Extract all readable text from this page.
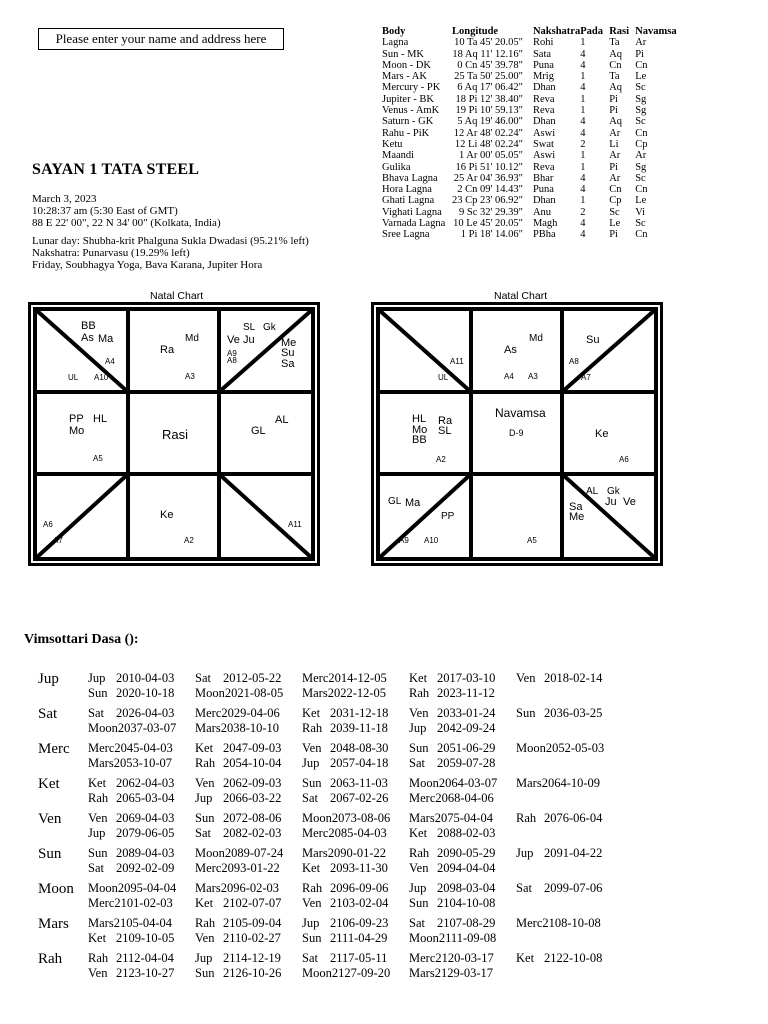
Please enter your name and address here
SAYAN 1 TATA STEEL
March 3, 2023
10:28:37 am (5:30 East of GMT)
88 E 22' 00", 22 N 34' 00" (Kolkata, India)
Lunar day: Shubha-krit Phalguna Sukla Dwadasi (95.21% left)
Nakshatra: Punarvasu (19.29% left)
Friday, Soubhagya Yoga, Bava Karana, Jupiter Hora
Body	Longitude	Nakshatra	Pada	Rasi	Navamsa
Lagna	10 Ta 45' 20.05"	Rohi	1	Ta	Ar
Sun - MK	18 Aq 11' 12.16"	Sata	4	Aq	Pi
Moon - DK	0 Cn 45' 39.78"	Puna	4	Cn	Cn
Mars - AK	25 Ta 50' 25.00"	Mrig	1	Ta	Le
Mercury - PK	6 Aq 17' 06.42"	Dhan	4	Aq	Sc
Jupiter - BK	18 Pi 12' 38.40"	Reva	1	Pi	Sg
Venus - AmK	19 Pi 10' 59.13"	Reva	1	Pi	Sg
Saturn - GK	5 Aq 19' 46.00"	Dhan	4	Aq	Sc
Rahu - PiK	12 Ar 48' 02.24"	Aswi	4	Ar	Cn
Ketu	12 Li 48' 02.24"	Swat	2	Li	Cp
Maandi	1 Ar 00' 05.05"	Aswi	1	Ar	Ar
Gulika	16 Pi 51' 10.12"	Reva	1	Pi	Sg
Bhava Lagna	25 Ar 04' 36.93"	Bhar	4	Ar	Sc
Hora Lagna	2 Cn 09' 14.43"	Puna	4	Cn	Cn
Ghati Lagna	23 Cp 23' 06.92"	Dhan	1	Cp	Le
Vighati Lagna	9 Sc 32' 29.39"	Anu	2	Sc	Vi
Varnada Lagna	10 Le 45' 20.05"	Magh	4	Le	Sc
Sree Lagna	1 Pi 18' 14.06"	PBha	4	Pi	Cn
Natal Chart	Natal Chart
BB
As Ma
A4
UL A10
Md
Ra
A3
SL Gk
Ve Ju Me
Su
Sa
A9
A8
PP HL
Mo
A5
Rasi	GL
AL
A6
A7
Ke
A2
A11
A11
UL
Md
As
A4 A3
Su
A8
A7
HL Ra
Mo SL
BB
A2
Navamsa
D-9	Ke
A6
GL Ma
PP
A9 A10	A5
AL Gk
Sa
Me
Ju Ve
Vimsottari Dasa ():
Jup Jup 2010-04-03 Sat 2012-05-22 Merc2014-12-05 Ket 2017-03-10 Ven 2018-02-14
Sun 2020-10-18 Moon2021-08-05 Mars2022-12-05 Rah 2023-11-12
Sat Sat 2026-04-03 Merc2029-04-06 Ket 2031-12-18 Ven 2033-01-24 Sun 2036-03-25
Moon2037-03-07 Mars2038-10-10 Rah 2039-11-18 Jup 2042-09-24
Merc Merc2045-04-03 Ket 2047-09-03 Ven 2048-08-30 Sun 2051-06-29 Moon2052-05-03
Mars2053-10-07 Rah 2054-10-04 Jup 2057-04-18 Sat 2059-07-28
Ket Ket 2062-04-03 Ven 2062-09-03 Sun 2063-11-03 Moon2064-03-07 Mars2064-10-09
Rah 2065-03-04 Jup 2066-03-22 Sat 2067-02-26 Merc2068-04-06
Ven Ven 2069-04-03 Sun 2072-08-06 Moon2073-08-06 Mars2075-04-04 Rah 2076-06-04
Jup 2079-06-05 Sat 2082-02-03 Merc2085-04-03 Ket 2088-02-03
Sun Sun 2089-04-03 Moon2089-07-24 Mars2090-01-22 Rah 2090-05-29 Jup 2091-04-22
Sat 2092-02-09 Merc2093-01-22 Ket 2093-11-30 Ven 2094-04-04
Moon Moon2095-04-04 Mars2096-02-03 Rah 2096-09-06 Jup 2098-03-04 Sat 2099-07-06
Merc2101-02-03 Ket 2102-07-07 Ven 2103-02-04 Sun 2104-10-08
Mars Mars2105-04-04 Rah 2105-09-04 Jup 2106-09-23 Sat 2107-08-29 Merc2108-10-08
Ket 2109-10-05 Ven 2110-02-27 Sun 2111-04-29 Moon2111-09-08
Rah Rah 2112-04-04 Jup 2114-12-19 Sat 2117-05-11 Merc2120-03-17 Ket 2122-10-08
Ven 2123-10-27 Sun 2126-10-26 Moon2127-09-20 Mars2129-03-17
